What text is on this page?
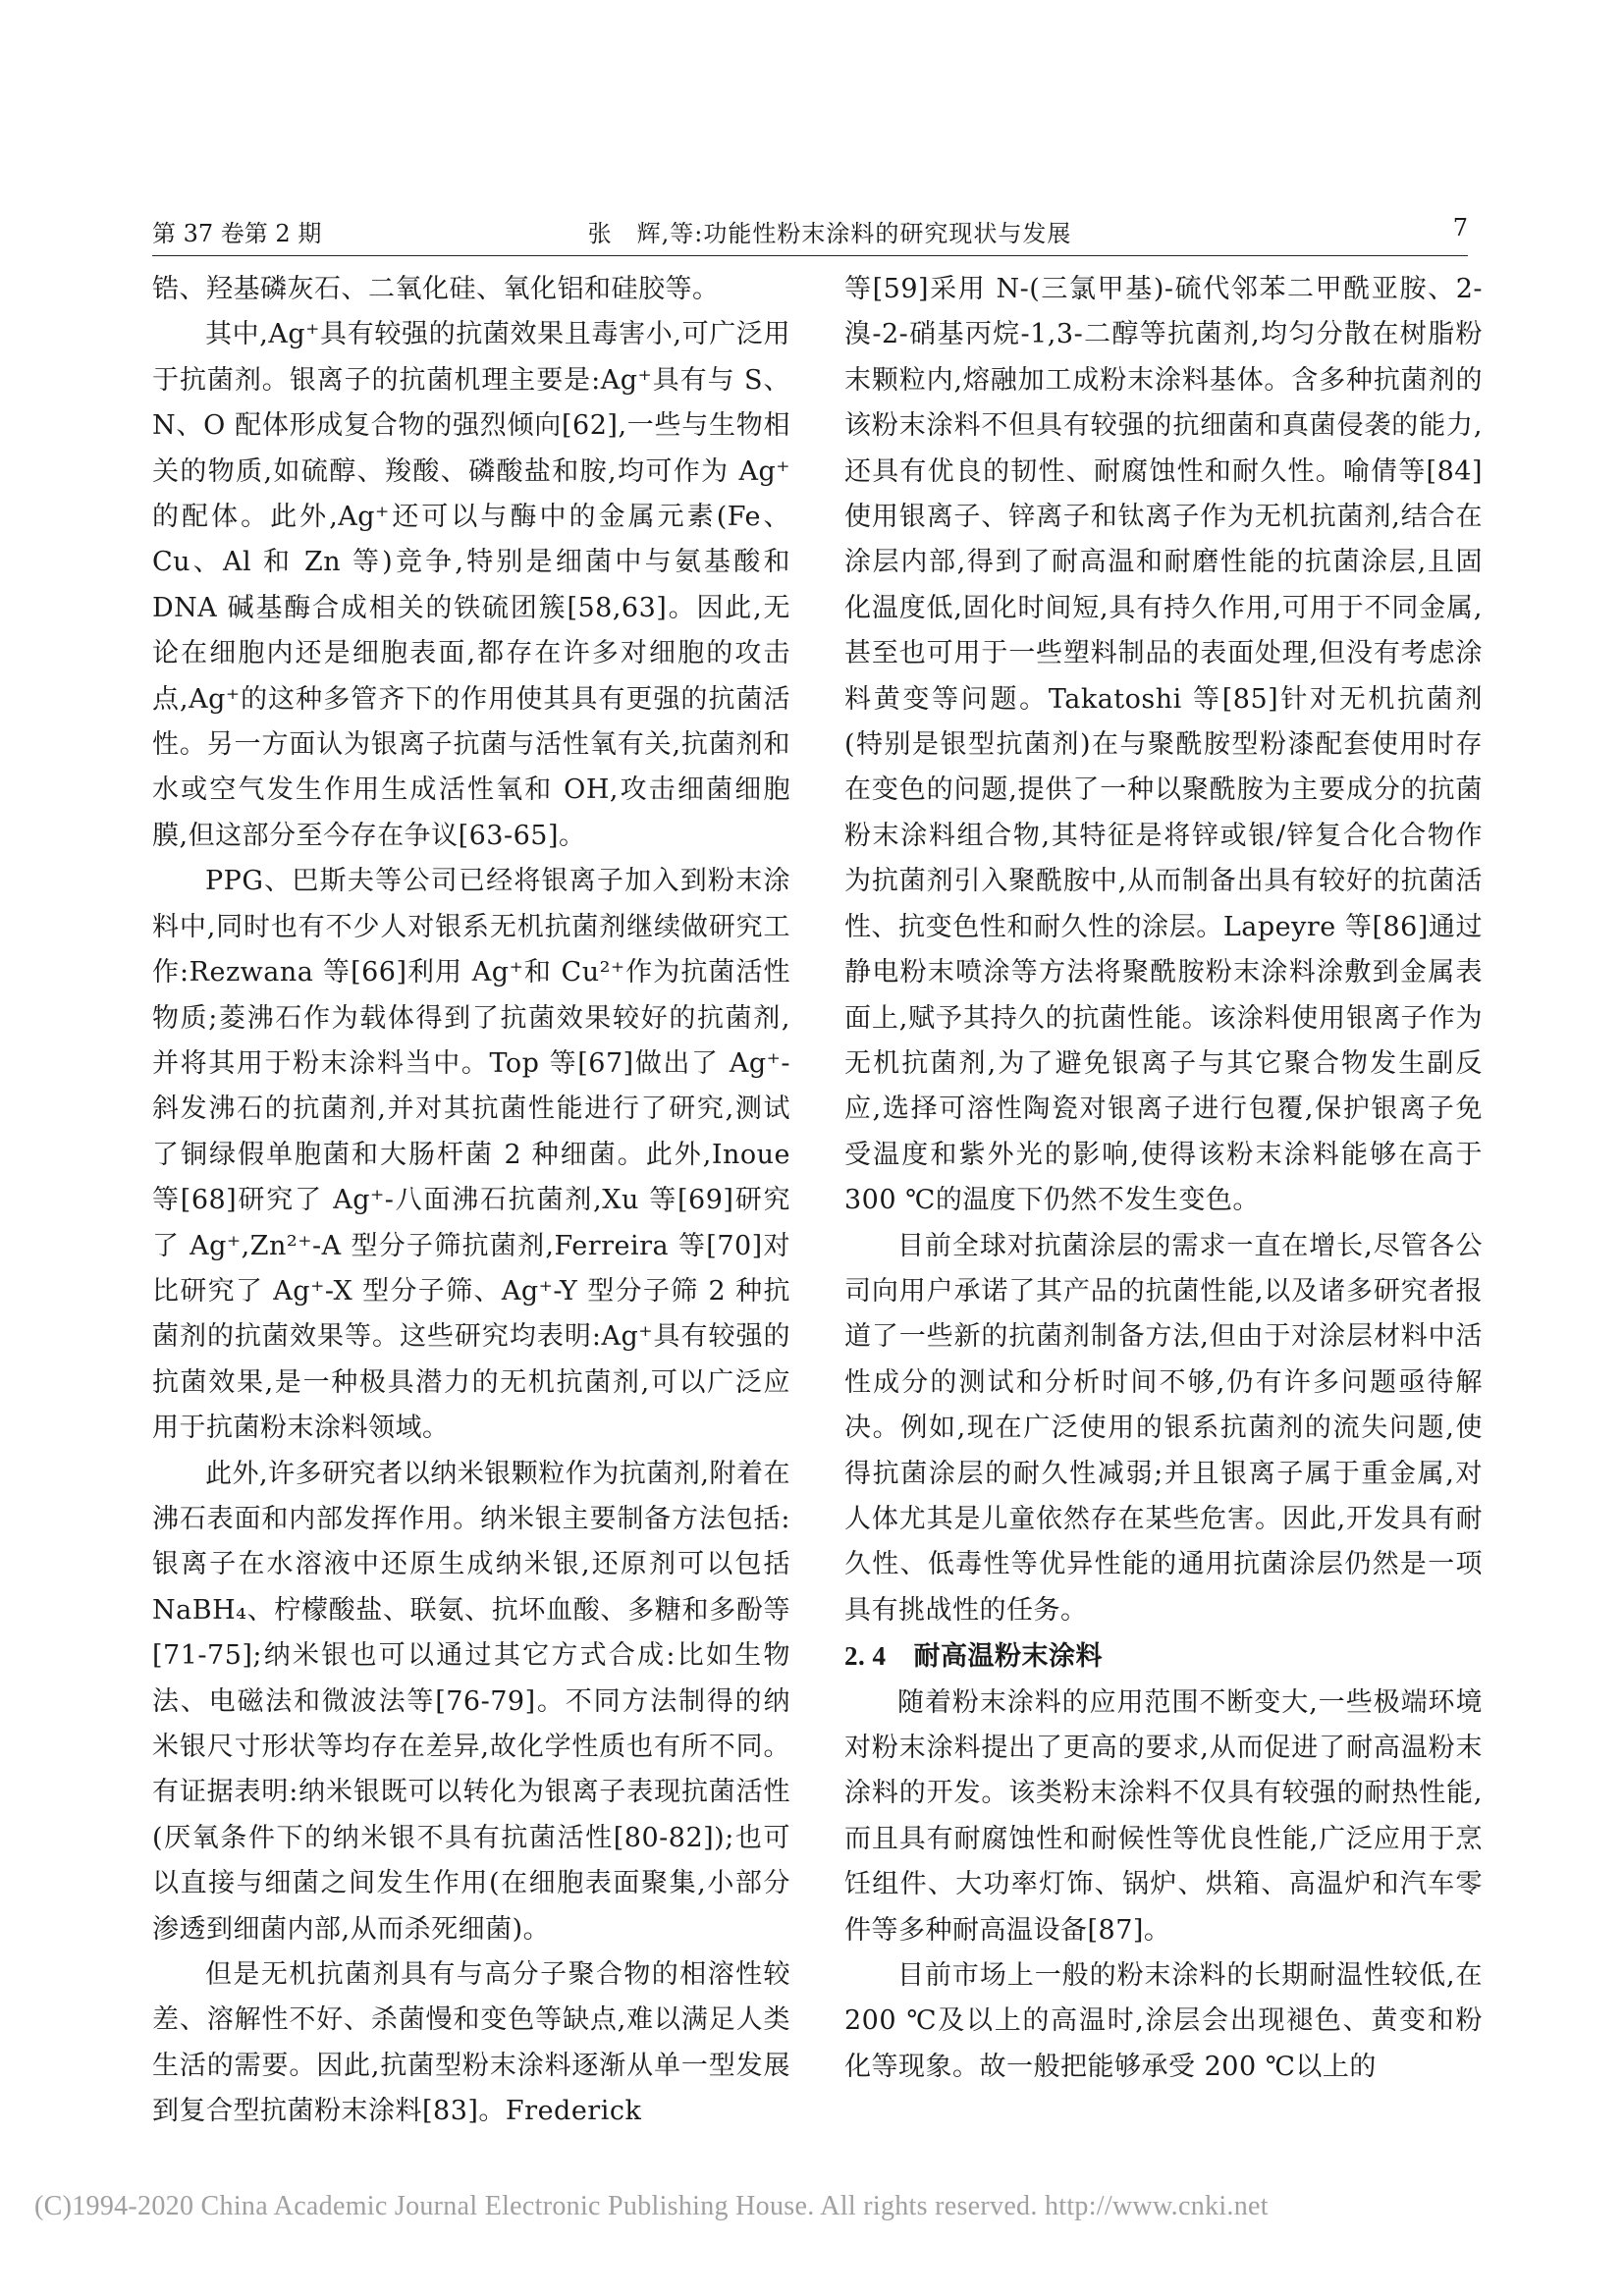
第 37 卷第 2 期	张　辉,等:功能性粉末涂料的研究现状与发展	7

锆、羟基磷灰石、二氧化硅、氧化铝和硅胶等。

其中,Ag⁺具有较强的抗菌效果且毒害小,可广泛用于抗菌剂。银离子的抗菌机理主要是:Ag⁺具有与 S、N、O 配体形成复合物的强烈倾向[62],一些与生物相关的物质,如硫醇、羧酸、磷酸盐和胺,均可作为 Ag⁺的配体。此外,Ag⁺还可以与酶中的金属元素(Fe、Cu、Al 和 Zn 等)竞争,特别是细菌中与氨基酸和 DNA 碱基酶合成相关的铁硫团簇[58,63]。因此,无论在细胞内还是细胞表面,都存在许多对细胞的攻击点,Ag⁺的这种多管齐下的作用使其具有更强的抗菌活性。另一方面认为银离子抗菌与活性氧有关,抗菌剂和水或空气发生作用生成活性氧和 OH,攻击细菌细胞膜,但这部分至今存在争议[63-65]。

PPG、巴斯夫等公司已经将银离子加入到粉末涂料中,同时也有不少人对银系无机抗菌剂继续做研究工作:Rezwana 等[66]利用 Ag⁺和 Cu²⁺作为抗菌活性物质;菱沸石作为载体得到了抗菌效果较好的抗菌剂,并将其用于粉末涂料当中。Top 等[67]做出了 Ag⁺-斜发沸石的抗菌剂,并对其抗菌性能进行了研究,测试了铜绿假单胞菌和大肠杆菌 2 种细菌。此外,Inoue 等[68]研究了 Ag⁺-八面沸石抗菌剂,Xu 等[69]研究了 Ag⁺,Zn²⁺-A 型分子筛抗菌剂,Ferreira 等[70]对比研究了 Ag⁺-X 型分子筛、Ag⁺-Y 型分子筛 2 种抗菌剂的抗菌效果等。这些研究均表明:Ag⁺具有较强的抗菌效果,是一种极具潜力的无机抗菌剂,可以广泛应用于抗菌粉末涂料领域。

此外,许多研究者以纳米银颗粒作为抗菌剂,附着在沸石表面和内部发挥作用。纳米银主要制备方法包括:银离子在水溶液中还原生成纳米银,还原剂可以包括 NaBH₄、柠檬酸盐、联氨、抗坏血酸、多糖和多酚等[71-75];纳米银也可以通过其它方式合成:比如生物法、电磁法和微波法等[76-79]。不同方法制得的纳米银尺寸形状等均存在差异,故化学性质也有所不同。有证据表明:纳米银既可以转化为银离子表现抗菌活性(厌氧条件下的纳米银不具有抗菌活性[80-82]);也可以直接与细菌之间发生作用(在细胞表面聚集,小部分渗透到细菌内部,从而杀死细菌)。

但是无机抗菌剂具有与高分子聚合物的相溶性较差、溶解性不好、杀菌慢和变色等缺点,难以满足人类生活的需要。因此,抗菌型粉末涂料逐渐从单一型发展到复合型抗菌粉末涂料[83]。Frederick

等[59]采用 N-(三氯甲基)-硫代邻苯二甲酰亚胺、2-溴-2-硝基丙烷-1,3-二醇等抗菌剂,均匀分散在树脂粉末颗粒内,熔融加工成粉末涂料基体。含多种抗菌剂的该粉末涂料不但具有较强的抗细菌和真菌侵袭的能力,还具有优良的韧性、耐腐蚀性和耐久性。喻倩等[84]使用银离子、锌离子和钛离子作为无机抗菌剂,结合在涂层内部,得到了耐高温和耐磨性能的抗菌涂层,且固化温度低,固化时间短,具有持久作用,可用于不同金属,甚至也可用于一些塑料制品的表面处理,但没有考虑涂料黄变等问题。Takatoshi 等[85]针对无机抗菌剂(特别是银型抗菌剂)在与聚酰胺型粉漆配套使用时存在变色的问题,提供了一种以聚酰胺为主要成分的抗菌粉末涂料组合物,其特征是将锌或银/锌复合化合物作为抗菌剂引入聚酰胺中,从而制备出具有较好的抗菌活性、抗变色性和耐久性的涂层。Lapeyre 等[86]通过静电粉末喷涂等方法将聚酰胺粉末涂料涂敷到金属表面上,赋予其持久的抗菌性能。该涂料使用银离子作为无机抗菌剂,为了避免银离子与其它聚合物发生副反应,选择可溶性陶瓷对银离子进行包覆,保护银离子免受温度和紫外光的影响,使得该粉末涂料能够在高于 300 ℃的温度下仍然不发生变色。

目前全球对抗菌涂层的需求一直在增长,尽管各公司向用户承诺了其产品的抗菌性能,以及诸多研究者报道了一些新的抗菌剂制备方法,但由于对涂层材料中活性成分的测试和分析时间不够,仍有许多问题亟待解决。例如,现在广泛使用的银系抗菌剂的流失问题,使得抗菌涂层的耐久性减弱;并且银离子属于重金属,对人体尤其是儿童依然存在某些危害。因此,开发具有耐久性、低毒性等优异性能的通用抗菌涂层仍然是一项具有挑战性的任务。

2. 4 耐高温粉末涂料

随着粉末涂料的应用范围不断变大,一些极端环境对粉末涂料提出了更高的要求,从而促进了耐高温粉末涂料的开发。该类粉末涂料不仅具有较强的耐热性能,而且具有耐腐蚀性和耐候性等优良性能,广泛应用于烹饪组件、大功率灯饰、锅炉、烘箱、高温炉和汽车零件等多种耐高温设备[87]。

目前市场上一般的粉末涂料的长期耐温性较低,在 200 ℃及以上的高温时,涂层会出现褪色、黄变和粉化等现象。故一般把能够承受 200 ℃以上的

(C)1994-2020 China Academic Journal Electronic Publishing House. All rights reserved. http://www.cnki.net
